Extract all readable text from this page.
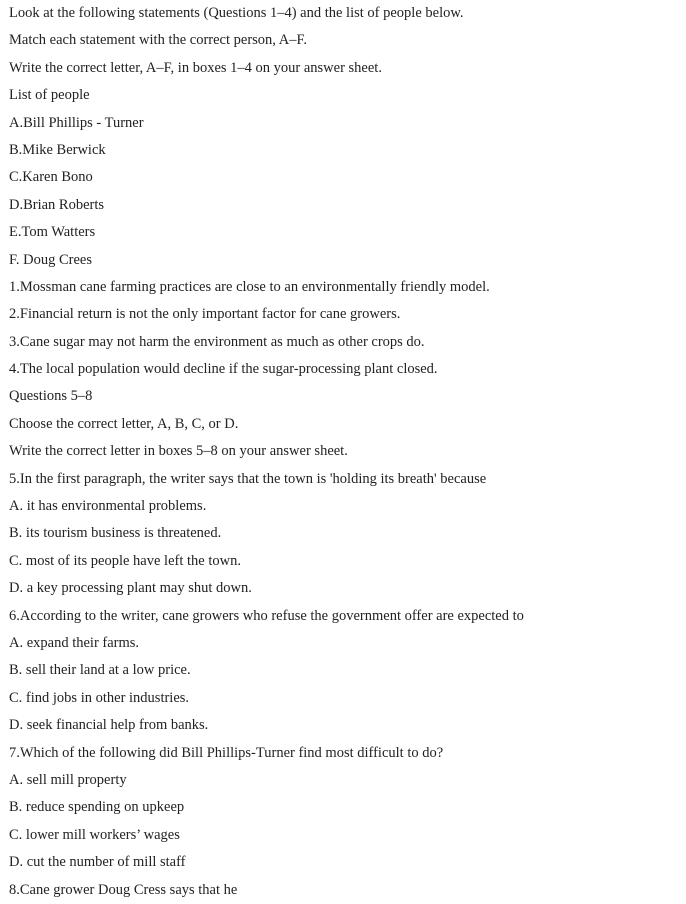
Look at the following statements (Questions 1–4) and the list of people below.
Match each statement with the correct person, A–F.
Write the correct letter, A–F, in boxes 1–4 on your answer sheet.
List of people
A.Bill Phillips - Turner
B.Mike Berwick
C.Karen Bono
D.Brian Roberts
E.Tom Watters
F. Doug Crees
1.Mossman cane farming practices are close to an environmentally friendly model.
2.Financial return is not the only important factor for cane growers.
3.Cane sugar may not harm the environment as much as other crops do.
4.The local population would decline if the sugar-processing plant closed.
Questions 5–8
Choose the correct letter, A, B, C, or D.
Write the correct letter in boxes 5–8 on your answer sheet.
5.In the first paragraph, the writer says that the town is 'holding its breath' because
A. it has environmental problems.
B. its tourism business is threatened.
C. most of its people have left the town.
D. a key processing plant may shut down.
6.According to the writer, cane growers who refuse the government offer are expected to
A. expand their farms.
B. sell their land at a low price.
C. find jobs in other industries.
D. seek financial help from banks.
7.Which of the following did Bill Phillips-Turner find most difficult to do?
A. sell mill property
B. reduce spending on upkeep
C. lower mill workers’ wages
D. cut the number of mill staff
8.Cane grower Doug Cress says that he
